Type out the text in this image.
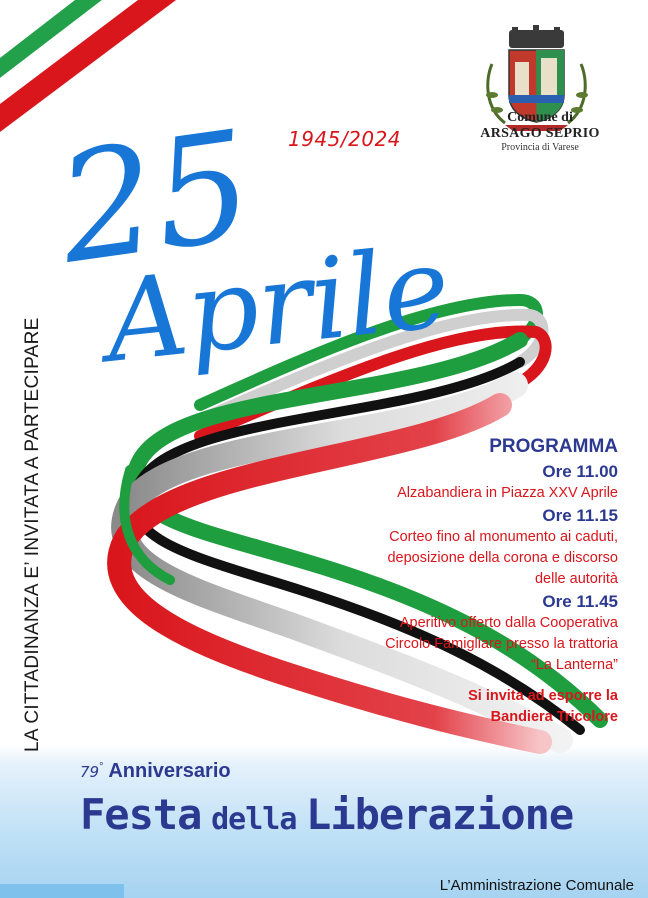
25
Aprile
1945/2024
LA CITTADINANZA E’ INVITATA A PARTECIPARE
Comune di
ARSAGO SEPRIO
Provincia di Varese
PROGRAMMA
Ore 11.00
Alzabandiera in Piazza XXV Aprile
Ore 11.15
Corteo fino al monumento ai caduti,
deposizione della corona e discorso
delle autorità
Ore 11.45
Aperitivo offerto dalla Cooperativa
Circolo Famigliare presso la trattoria
“La Lanterna”
Si invita ad esporre la
Bandiera Tricolore
79° Anniversario
Festa della Liberazione
L’Amministrazione Comunale
